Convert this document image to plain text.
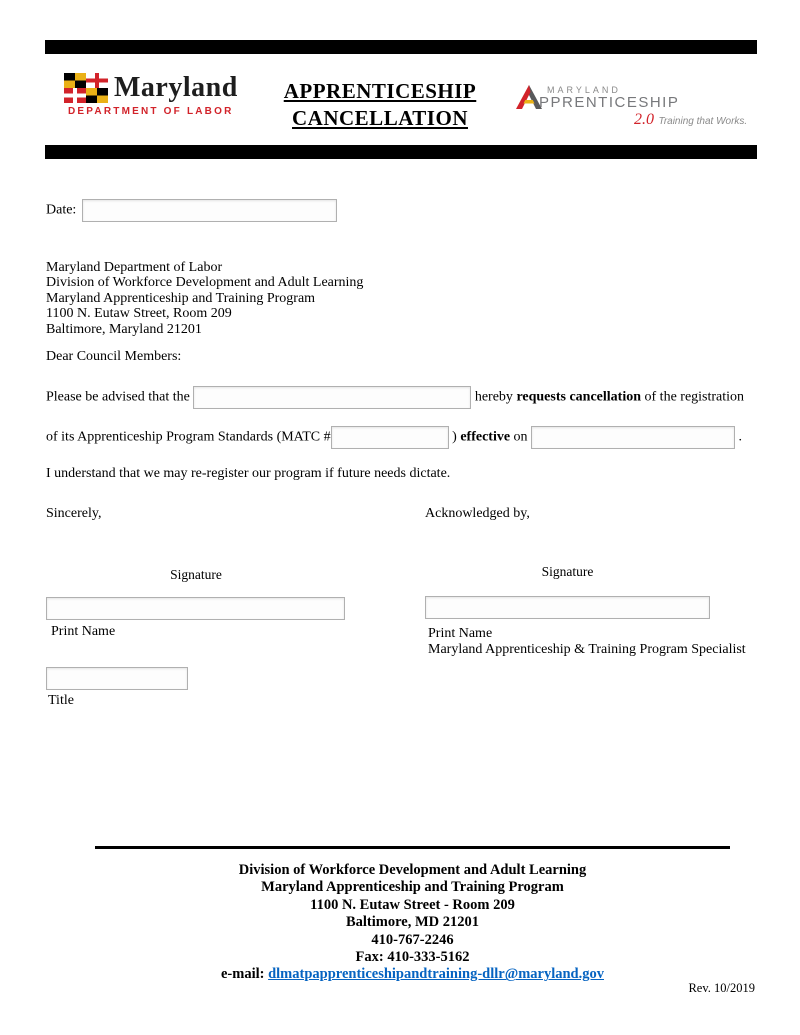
Maryland
DEPARTMENT OF LABOR
APPRENTICESHIP
CANCELLATION
MARYLAND
PPRENTICESHIP
2.0 Training that Works.
Date:
Maryland Department of Labor
Division of Workforce Development and Adult Learning
Maryland Apprenticeship and Training Program
1100 N. Eutaw Street, Room 209
Baltimore, Maryland 21201
Dear Council Members:
Please be advised that the	hereby requests cancellation of the registration
of its Apprenticeship Program Standards (MATC #	) effective on	.
I understand that we may re-register our program if future needs dictate.
Sincerely,	Acknowledged by,
Signature	Signature
Print Name	Print Name
Maryland Apprenticeship & Training Program Specialist
Title
Division of Workforce Development and Adult Learning
Maryland Apprenticeship and Training Program
1100 N. Eutaw Street - Room 209
Baltimore, MD 21201
410-767-2246
Fax: 410-333-5162
e-mail: dlmatpapprenticeshipandtraining-dllr@maryland.gov
Rev. 10/2019
